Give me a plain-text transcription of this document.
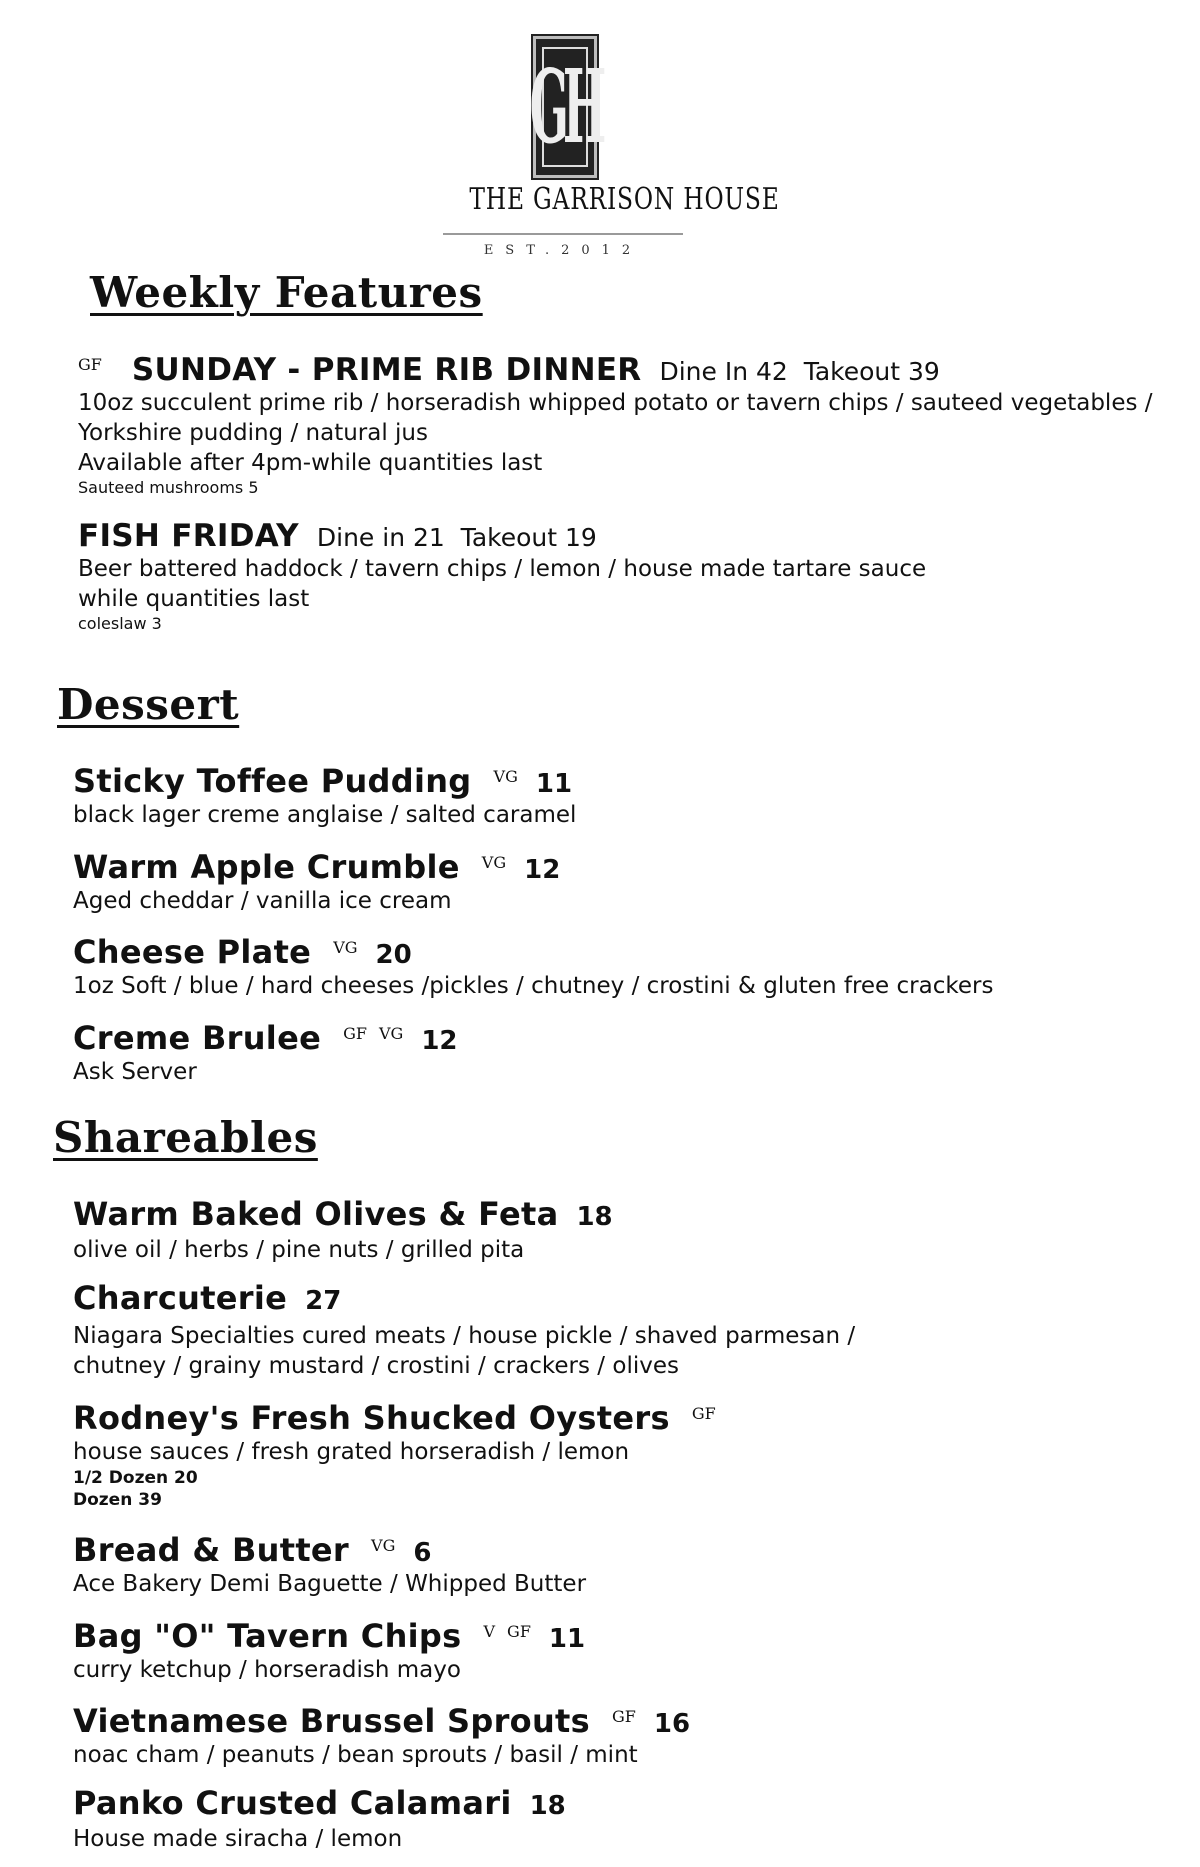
GH
THE GARRISON HOUSE
EST.2012
Weekly Features
GF SUNDAY - PRIME RIB DINNER Dine In 42  Takeout 39
10oz succulent prime rib / horseradish whipped potato or tavern chips / sauteed vegetables /
Yorkshire pudding / natural jus
Available after 4pm-while quantities last
Sauteed mushrooms 5
FISH FRIDAY Dine in 21  Takeout 19
Beer battered haddock / tavern chips / lemon / house made tartare sauce
while quantities last
coleslaw 3
Dessert
Sticky Toffee Pudding VG 11
black lager creme anglaise / salted caramel
Warm Apple Crumble VG 12
Aged cheddar / vanilla ice cream
Cheese Plate VG 20
1oz Soft / blue / hard cheeses /pickles / chutney / crostini & gluten free crackers
Creme Brulee GF VG 12
Ask Server
Shareables
Warm Baked Olives & Feta 18
olive oil / herbs / pine nuts / grilled pita
Charcuterie 27
Niagara Specialties cured meats / house pickle / shaved parmesan /
chutney / grainy mustard / crostini / crackers / olives
Rodney's Fresh Shucked Oysters GF
house sauces / fresh grated horseradish / lemon
1/2 Dozen 20
Dozen 39
Bread & Butter VG 6
Ace Bakery Demi Baguette / Whipped Butter
Bag "O" Tavern Chips V GF 11
curry ketchup / horseradish mayo
Vietnamese Brussel Sprouts GF 16
noac cham / peanuts / bean sprouts / basil / mint
Panko Crusted Calamari 18
House made siracha / lemon
